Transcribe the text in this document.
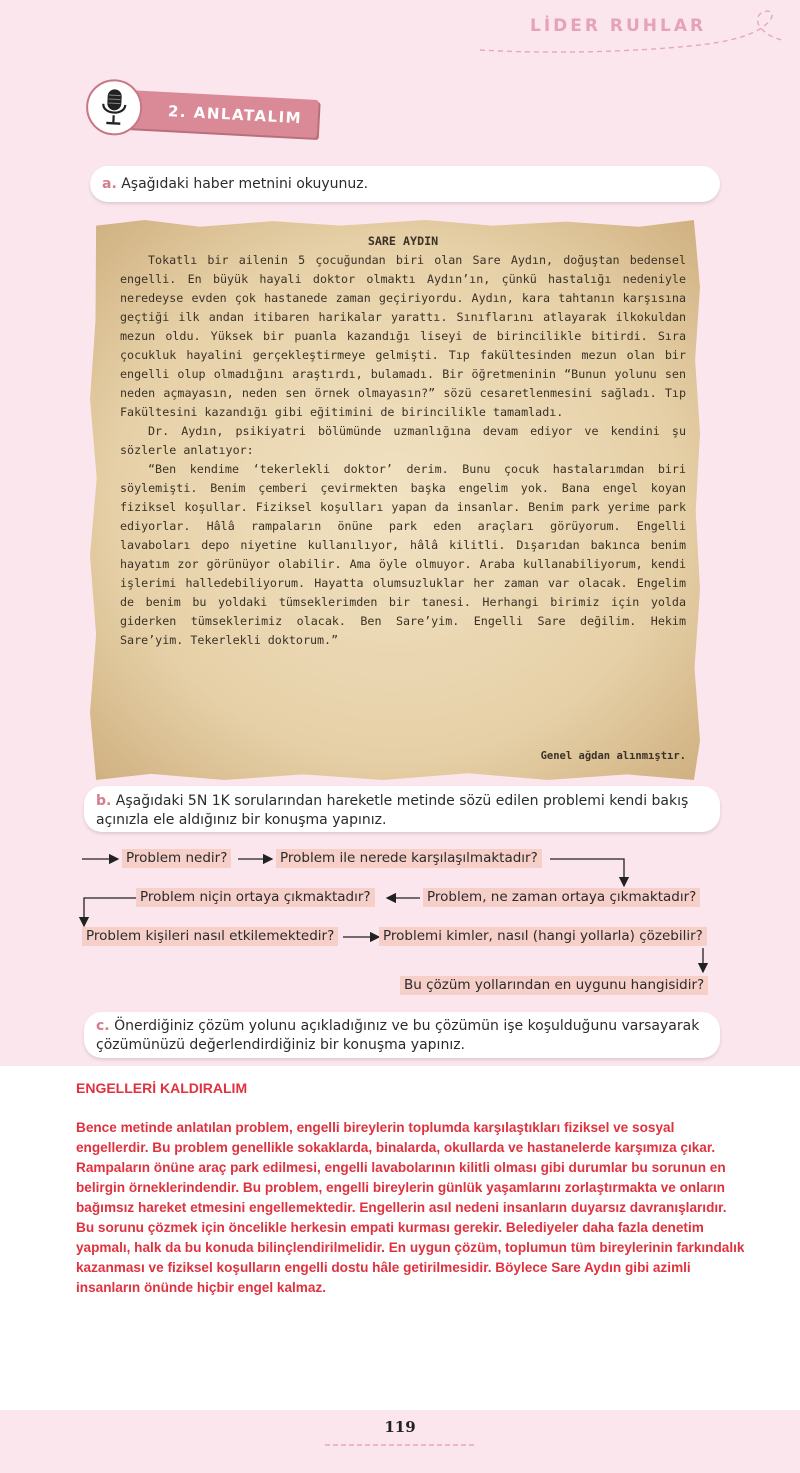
LİDER RUHLAR
2. ANLATALIM
a. Aşağıdaki haber metnini okuyunuz.
SARE AYDIN

Tokatlı bir ailenin 5 çocuğundan biri olan Sare Aydın, doğuştan bedensel engelli. En büyük hayali doktor olmaktı Aydın’ın, çünkü hastalığı nedeniyle neredeyse evden çok hastanede zaman geçiriyordu. Aydın, kara tahtanın karşısına geçtiği ilk andan itibaren harikalar yarattı. Sınıflarını atlayarak ilkokuldan mezun oldu. Yüksek bir puanla kazandığı liseyi de birincilikle bitirdi. Sıra çocukluk hayalini gerçekleştirmeye gelmişti. Tıp fakültesinden mezun olan bir engelli olup olmadığını araştırdı, bulamadı. Bir öğretmeninin “Bunun yolunu sen neden açmayasın, neden sen örnek olmayasın?” sözü cesaretlenmesini sağladı. Tıp Fakültesini kazandığı gibi eğitimini de birincilikle tamamladı.

Dr. Aydın, psikiyatri bölümünde uzmanlığına devam ediyor ve kendini şu sözlerle anlatıyor:

“Ben kendime ‘tekerlekli doktor’ derim. Bunu çocuk hastalarımdan biri söylemişti. Benim çemberi çevirmekten başka engelim yok. Bana engel koyan fiziksel koşullar. Fiziksel koşulları yapan da insanlar. Benim park yerime park ediyorlar. Hâlâ rampaların önüne park eden araçları görüyorum. Engelli lavaboları depo niyetine kullanılıyor, hâlâ kilitli. Dışarıdan bakınca benim hayatım zor görünüyor olabilir. Ama öyle olmuyor. Araba kullanabiliyorum, kendi işlerimi halledebiliyorum. Hayatta olumsuzluklar her zaman var olacak. Engelim de benim bu yoldaki tümseklerimden bir tanesi. Herhangi birimiz için yolda giderken tümseklerimiz olacak. Ben Sare’yim. Engelli Sare değilim. Hekim Sare’yim. Tekerlekli doktorum.”

Genel ağdan alınmıştır.
b. Aşağıdaki 5N 1K sorularından hareketle metinde sözü edilen problemi kendi bakış açınızla ele aldığınız bir konuşma yapınız.
Problem nedir?	Problem ile nerede karşılaşılmaktadır?
Problem, ne zaman ortaya çıkmaktadır?
Problem niçin ortaya çıkmaktadır?
Problem kişileri nasıl etkilemektedir?	Problemi kimler, nasıl (hangi yollarla) çözebilir?
Bu çözüm yollarından en uygunu hangisidir?
c. Önerdiğiniz çözüm yolunu açıkladığınız ve bu çözümün işe koşulduğunu varsayarak çözümünüzü değerlendirdiğiniz bir konuşma yapınız.
ENGELLERİ KALDIRALIM

Bence metinde anlatılan problem, engelli bireylerin toplumda karşılaştıkları fiziksel ve sosyal engellerdir. Bu problem genellikle sokaklarda, binalarda, okullarda ve hastanelerde karşımıza çıkar. Rampaların önüne araç park edilmesi, engelli lavabolarının kilitli olması gibi durumlar bu sorunun en belirgin örneklerindendir. Bu problem, engelli bireylerin günlük yaşamlarını zorlaştırmakta ve onların bağımsız hareket etmesini engellemektedir. Engellerin asıl nedeni insanların duyarsız davranışlarıdır. Bu sorunu çözmek için öncelikle herkesin empati kurması gerekir. Belediyeler daha fazla denetim yapmalı, halk da bu konuda bilinçlendirilmelidir. En uygun çözüm, toplumun tüm bireylerinin farkındalık kazanması ve fiziksel koşulların engelli dostu hâle getirilmesidir. Böylece Sare Aydın gibi azimli insanların önünde hiçbir engel kalmaz.

119
